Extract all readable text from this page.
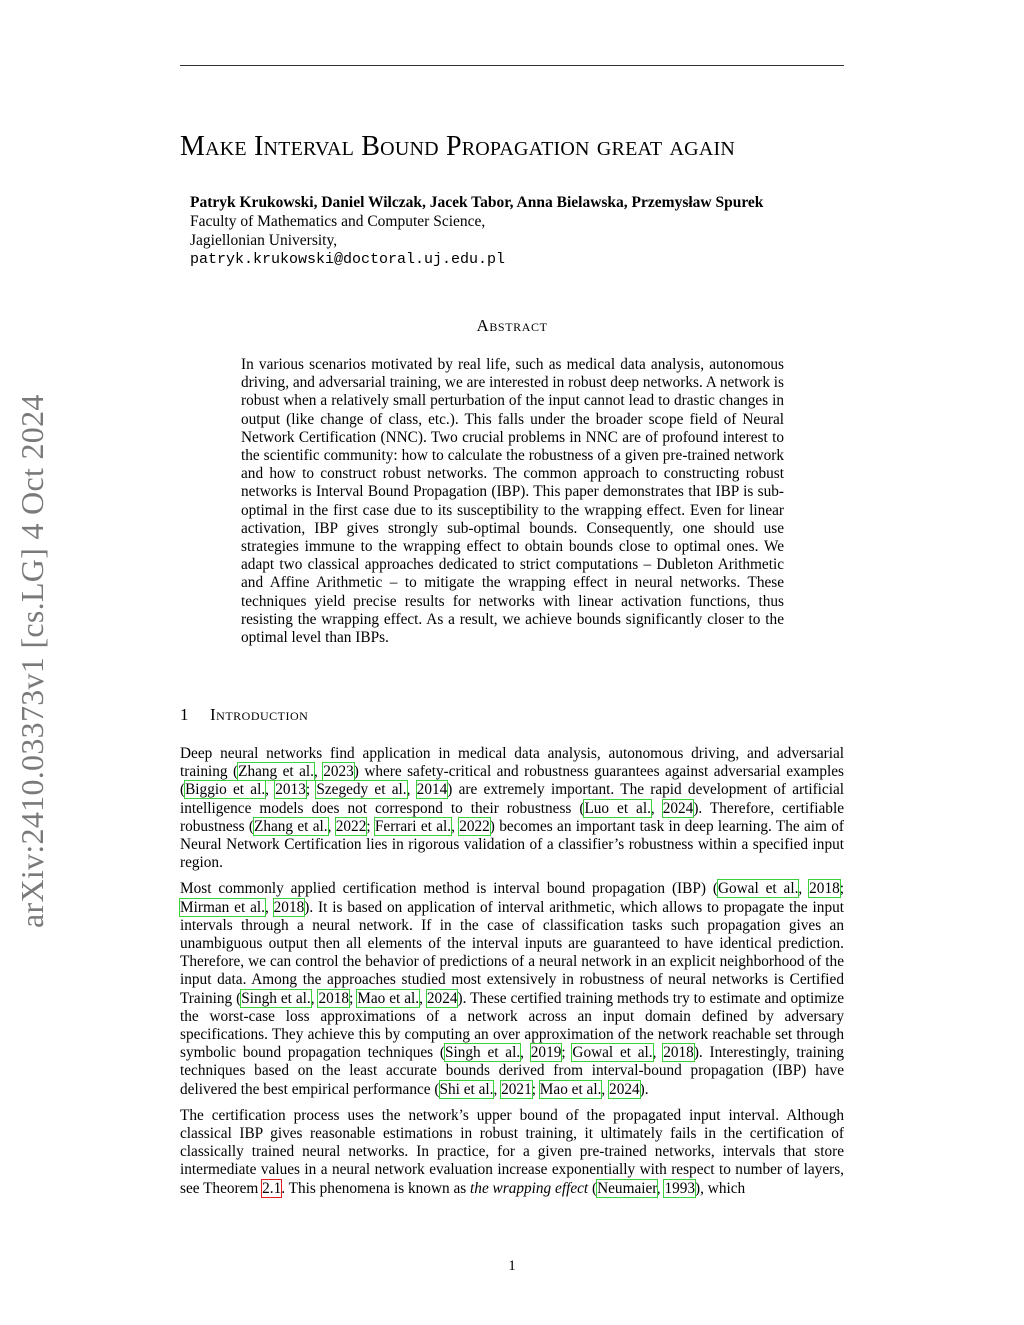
arXiv:2410.03373v1 [cs.LG] 4 Oct 2024
Make Interval Bound Propagation great again
Patryk Krukowski, Daniel Wilczak, Jacek Tabor, Anna Bielawska, Przemysław Spurek
Faculty of Mathematics and Computer Science,
Jagiellonian University,
patryk.krukowski@doctoral.uj.edu.pl
Abstract
In various scenarios motivated by real life, such as medical data analysis, autonomous driving, and adversarial training, we are interested in robust deep networks. A network is robust when a relatively small perturbation of the input cannot lead to drastic changes in output (like change of class, etc.). This falls under the broader scope field of Neural Network Certification (NNC). Two crucial problems in NNC are of profound interest to the scientific community: how to calculate the robustness of a given pre-trained network and how to construct robust networks. The common approach to constructing robust networks is Interval Bound Propagation (IBP). This paper demonstrates that IBP is sub-optimal in the first case due to its susceptibility to the wrapping effect. Even for linear activation, IBP gives strongly sub-optimal bounds. Consequently, one should use strategies immune to the wrapping effect to obtain bounds close to optimal ones. We adapt two classical approaches dedicated to strict computations – Dubleton Arithmetic and Affine Arithmetic – to mitigate the wrapping effect in neural networks. These techniques yield precise results for networks with linear activation functions, thus resisting the wrapping effect. As a result, we achieve bounds significantly closer to the optimal level than IBPs.
1 Introduction

Deep neural networks find application in medical data analysis, autonomous driving, and adversarial training (Zhang et al., 2023) where safety-critical and robustness guarantees against adversarial examples (Biggio et al., 2013; Szegedy et al., 2014) are extremely important. The rapid development of artificial intelligence models does not correspond to their robustness (Luo et al., 2024). Therefore, certifiable robustness (Zhang et al., 2022; Ferrari et al., 2022) becomes an important task in deep learning. The aim of Neural Network Certification lies in rigorous validation of a classifier’s robustness within a specified input region.

Most commonly applied certification method is interval bound propagation (IBP) (Gowal et al., 2018; Mirman et al., 2018). It is based on application of interval arithmetic, which allows to propagate the input intervals through a neural network. If in the case of classification tasks such propagation gives an unambiguous output then all elements of the interval inputs are guaranteed to have identical prediction. Therefore, we can control the behavior of predictions of a neural network in an explicit neighborhood of the input data. Among the approaches studied most extensively in robustness of neural networks is Certified Training (Singh et al., 2018; Mao et al., 2024). These certified training methods try to estimate and optimize the worst-case loss approximations of a network across an input domain defined by adversary specifications. They achieve this by computing an over approximation of the network reachable set through symbolic bound propagation techniques (Singh et al., 2019; Gowal et al., 2018). Interestingly, training techniques based on the least accurate bounds derived from interval-bound propagation (IBP) have delivered the best empirical performance (Shi et al., 2021; Mao et al., 2024).

The certification process uses the network’s upper bound of the propagated input interval. Although classical IBP gives reasonable estimations in robust training, it ultimately fails in the certification of classically trained neural networks. In practice, for a given pre-trained networks, intervals that store intermediate values in a neural network evaluation increase exponentially with respect to number of layers, see Theorem 2.1. This phenomena is known as the wrapping effect (Neumaier, 1993), which

1
